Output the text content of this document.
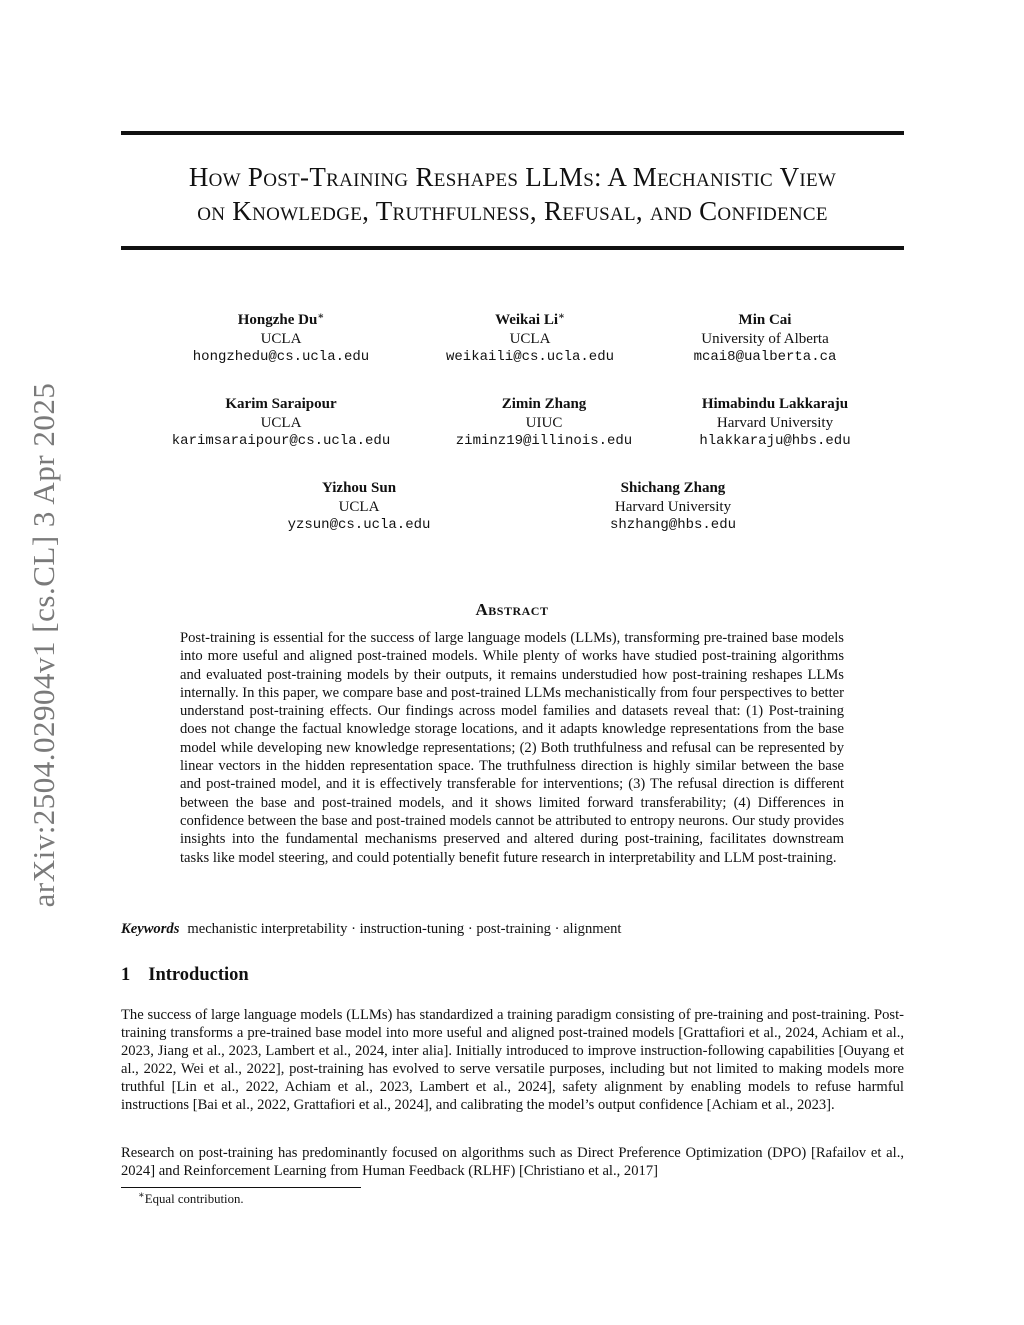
arXiv:2504.02904v1 [cs.CL] 3 Apr 2025
How Post-Training Reshapes LLMs: A Mechanistic View
on Knowledge, Truthfulness, Refusal, and Confidence
Hongzhe Du∗
UCLA
hongzhedu@cs.ucla.edu
Weikai Li∗
UCLA
weikaili@cs.ucla.edu
Min Cai
University of Alberta
mcai8@ualberta.ca
Karim Saraipour
UCLA
karimsaraipour@cs.ucla.edu
Zimin Zhang
UIUC
ziminz19@illinois.edu
Himabindu Lakkaraju
Harvard University
hlakkaraju@hbs.edu
Yizhou Sun
UCLA
yzsun@cs.ucla.edu
Shichang Zhang
Harvard University
shzhang@hbs.edu
Abstract
Post-training is essential for the success of large language models (LLMs), transforming pre-trained base models into more useful and aligned post-trained models. While plenty of works have studied post-training algorithms and evaluated post-training models by their outputs, it remains understudied how post-training reshapes LLMs internally. In this paper, we compare base and post-trained LLMs mechanistically from four perspectives to better understand post-training effects. Our findings across model families and datasets reveal that: (1) Post-training does not change the factual knowledge storage locations, and it adapts knowledge representations from the base model while developing new knowledge representations; (2) Both truthfulness and refusal can be represented by linear vectors in the hidden representation space. The truthfulness direction is highly similar between the base and post-trained model, and it is effectively transferable for interventions; (3) The refusal direction is different between the base and post-trained models, and it shows limited forward transferability; (4) Differences in confidence between the base and post-trained models cannot be attributed to entropy neurons. Our study provides insights into the fundamental mechanisms preserved and altered during post-training, facilitates downstream tasks like model steering, and could potentially benefit future research in interpretability and LLM post-training.
Keywords mechanistic interpretability · instruction-tuning · post-training · alignment
1 Introduction
The success of large language models (LLMs) has standardized a training paradigm consisting of pre-training and post-training. Post-training transforms a pre-trained base model into more useful and aligned post-trained models [Grattafiori et al., 2024, Achiam et al., 2023, Jiang et al., 2023, Lambert et al., 2024, inter alia]. Initially introduced to improve instruction-following capabilities [Ouyang et al., 2022, Wei et al., 2022], post-training has evolved to serve versatile purposes, including but not limited to making models more truthful [Lin et al., 2022, Achiam et al., 2023, Lambert et al., 2024], safety alignment by enabling models to refuse harmful instructions [Bai et al., 2022, Grattafiori et al., 2024], and calibrating the model’s output confidence [Achiam et al., 2023].
Research on post-training has predominantly focused on algorithms such as Direct Preference Optimization (DPO) [Rafailov et al., 2024] and Reinforcement Learning from Human Feedback (RLHF) [Christiano et al., 2017]
∗Equal contribution.
